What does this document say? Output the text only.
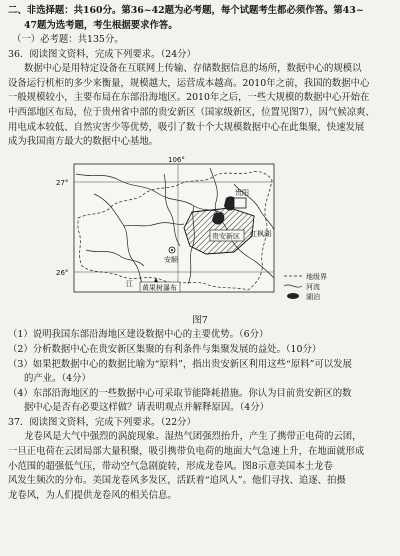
二、非选择题：共160分。第36~42题为必考题，每个试题考生都必须作答。第43~
47题为选考题，考生根据要求作答。
（一）必考题：共135分。
36．阅读图文资料，完成下列要求。（24分）
数据中心是用特定设备在互联网上传输、存储数据信息的场所，数据中心的规模以
设备运行机柜的多少来衡量，规模越大，运营成本越高。2010年之前，我国的数据中心
一般规模较小，主要布局在东部沿海地区。2010年之后，一些大规模的数据中心开始在
中西部地区布局，位于贵州省中部的贵安新区（国家级新区，位置见图7），因气候凉爽、
用电成本较低、自然灾害少等优势，吸引了数十个大规模数据中心在此集聚，快速发展
成为我国南方最大的数据中心基地。
106°
27°
26°
贵阳
贵安新区 红枫湖
安顺
江 黄果树瀑布
地级界
河流
湖泊
图7
（1）说明我国东部沿海地区建设数据中心的主要优势。（6分）
（2）分析数据中心在贵安新区集聚的有利条件与集聚发展的益处。（10分）
（3）如果把数据中心的数据比喻为“原料”，指出贵安新区利用这些“原料”可以发展
的产业。（4分）
（4）东部沿海地区的一些数据中心可采取节能降耗措施。你认为目前贵安新区的数
据中心是否有必要这样做？请表明观点并解释原因。（4分）
37．阅读图文资料，完成下列要求。（22分）
龙卷风是大气中强烈的涡旋现象。湿热气团强烈抬升，产生了携带正电荷的云团，
一旦正电荷在云团局部大量积聚，吸引携带负电荷的地面大气急速上升，在地面就形成
小范围的超强低气压，带动空气急剧旋转，形成龙卷风。图8示意美国本土龙卷
风发生频次的分布。美国龙卷风多发区，活跃着“追风人”。他们寻找、追逐、拍摄
龙卷风，为人们提供龙卷风的相关信息。
